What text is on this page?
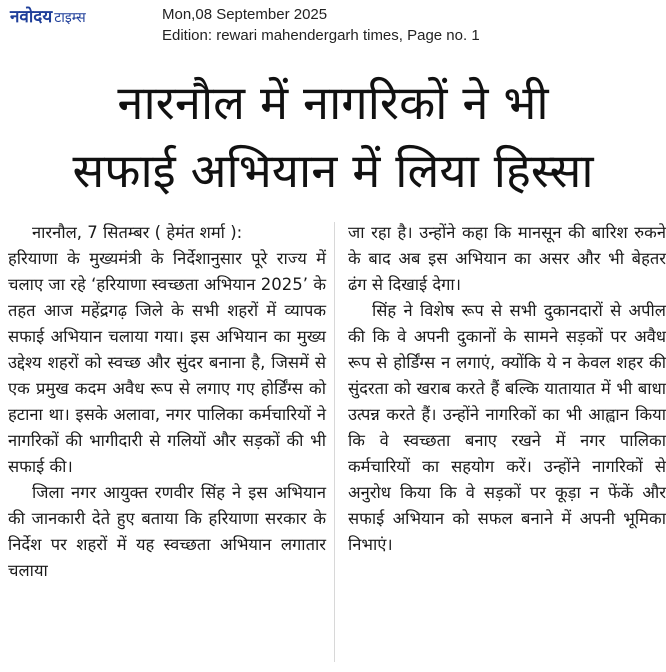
नवोदय टाइम्स	Mon,08 September 2025
Edition: rewari mahendergarh times, Page no. 1
नारनौल में नागरिकों ने भी
सफाई अभियान में लिया हिस्सा

नारनौल, 7 सितम्बर ( हेमंत शर्मा ):

हरियाणा के मुख्यमंत्री के निर्देशानुसार पूरे राज्य में चलाए जा रहे ‘हरियाणा स्वच्छता अभियान 2025’ के तहत आज महेंद्रगढ़ जिले के सभी शहरों में व्यापक सफाई अभियान चलाया गया। इस अभियान का मुख्य उद्देश्य शहरों को स्वच्छ और सुंदर बनाना है, जिसमें से एक प्रमुख कदम अवैध रूप से लगाए गए होर्डिंग्स को हटाना था। इसके अलावा, नगर पालिका कर्मचारियों ने नागरिकों की भागीदारी से गलियों और सड़कों की भी सफाई की।

जिला नगर आयुक्त रणवीर सिंह ने इस अभियान की जानकारी देते हुए बताया कि हरियाणा सरकार के निर्देश पर शहरों में यह स्वच्छता अभियान लगातार चलाया

जा रहा है। उन्होंने कहा कि मानसून की बारिश रुकने के बाद अब इस अभियान का असर और भी बेहतर ढंग से दिखाई देगा।

सिंह ने विशेष रूप से सभी दुकानदारों से अपील की कि वे अपनी दुकानों के सामने सड़कों पर अवैध रूप से होर्डिंग्स न लगाएं, क्योंकि ये न केवल शहर की सुंदरता को खराब करते हैं बल्कि यातायात में भी बाधा उत्पन्न करते हैं। उन्होंने नागरिकों का भी आह्वान किया कि वे स्वच्छता बनाए रखने में नगर पालिका कर्मचारियों का सहयोग करें। उन्होंने नागरिकों से अनुरोध किया कि वे सड़कों पर कूड़ा न फेंकें और सफाई अभियान को सफल बनाने में अपनी भूमिका निभाएं।
